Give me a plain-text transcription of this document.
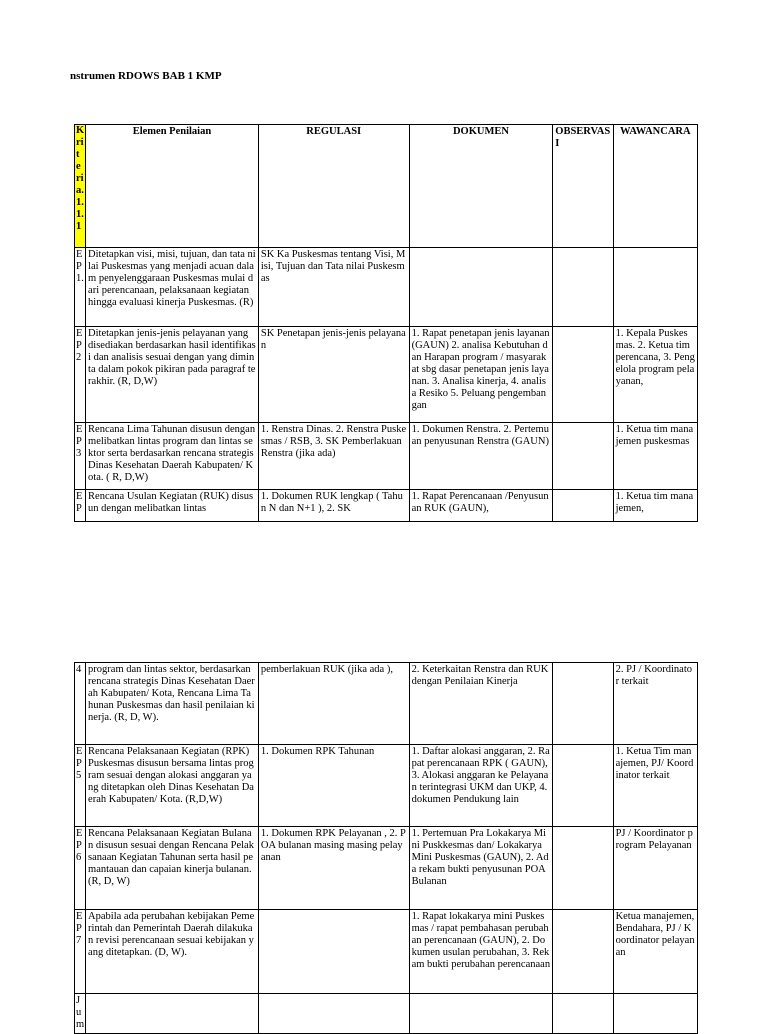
nstrumen RDOWS BAB 1 KMP
Kriteria.1.1.1	Elemen Penilaian	REGULASI	DOKUMEN	OBSERVASI	WAWANCARA
EP 1.	Ditetapkan visi, misi, tujuan, dan tata nilai Puskesmas yang menjadi acuan dalam penyelenggaraan Puskesmas mulai dari perencanaan, pelaksanaan kegiatan hingga evaluasi kinerja Puskesmas. (R)	SK Ka Puskesmas tentang Visi, Misi, Tujuan dan Tata nilai Puskesmas			
EP 2	Ditetapkan jenis-jenis pelayanan yang disediakan berdasarkan hasil identifikasi dan analisis sesuai dengan yang diminta dalam pokok pikiran pada paragraf terakhir. (R, D,W)	SK Penetapan jenis-jenis pelayanan	1. Rapat penetapan jenis layanan(GAUN) 2. analisa Kebutuhan dan Harapan program / masyarakat sbg dasar penetapan jenis layanan. 3. Analisa kinerja, 4. analisa Resiko 5. Peluang pengembangan		1. Kepala Puskesmas. 2. Ketua tim perencana, 3. Pengelola program pelayanan,
EP 3	Rencana Lima Tahunan disusun dengan melibatkan lintas program dan lintas sektor serta berdasarkan rencana strategis Dinas Kesehatan Daerah Kabupaten/ Kota. ( R, D,W)	1. Renstra Dinas. 2. Renstra Puskesmas / RSB, 3. SK Pemberlakuan Renstra (jika ada)	1. Dokumen Renstra. 2. Pertemuan penyusunan Renstra (GAUN)		1. Ketua tim manajemen puskesmas
EP	Rencana Usulan Kegiatan (RUK) disusun dengan melibatkan lintas	1. Dokumen RUK lengkap ( Tahun N dan N+1 ), 2. SK	1. Rapat Perencanaan /Penyusunan RUK (GAUN),		1. Ketua tim manajemen,
4	program dan lintas sektor, berdasarkan rencana strategis Dinas Kesehatan Daerah Kabupaten/ Kota, Rencana Lima Tahunan Puskesmas dan hasil penilaian kinerja. (R, D, W).	pemberlakuan RUK (jika ada ),	2. Keterkaitan Renstra dan RUK dengan Penilaian Kinerja		2. PJ / Koordinator terkait
EP 5	Rencana Pelaksanaan Kegiatan (RPK) Puskesmas disusun bersama lintas program sesuai dengan alokasi anggaran yang ditetapkan oleh Dinas Kesehatan Daerah Kabupaten/ Kota. (R,D,W)	1. Dokumen RPK Tahunan	1. Daftar alokasi anggaran, 2. Rapat perencanaan RPK ( GAUN), 3. Alokasi anggaran ke Pelayanan terintegrasi UKM dan UKP, 4. dokumen Pendukung lain		1. Ketua Tim manajemen, PJ/ Koordinator terkait
EP 6	Rencana Pelaksanaan Kegiatan Bulanan disusun sesuai dengan Rencana Pelaksanaan Kegiatan Tahunan serta hasil pemantauan dan capaian kinerja bulanan. (R, D, W)	1. Dokumen RPK Pelayanan , 2. POA bulanan masing masing pelayanan	1. Pertemuan Pra Lokakarya Mini Puskkesmas dan/ Lokakarya Mini Puskesmas (GAUN), 2. Ada rekam bukti penyusunan POA Bulanan		PJ / Koordinator program Pelayanan
EP 7	Apabila ada perubahan kebijakan Pemerintah dan Pemerintah Daerah dilakukan revisi perencanaan sesuai kebijakan yang ditetapkan. (D, W).		1. Rapat lokakarya mini Puskesmas / rapat pembahasan perubahan perencanaan (GAUN), 2. Dokumen usulan perubahan, 3. Rekam bukti perubahan perencanaan		Ketua manajemen, Bendahara, PJ / Koordinator pelayanan
Jum					
